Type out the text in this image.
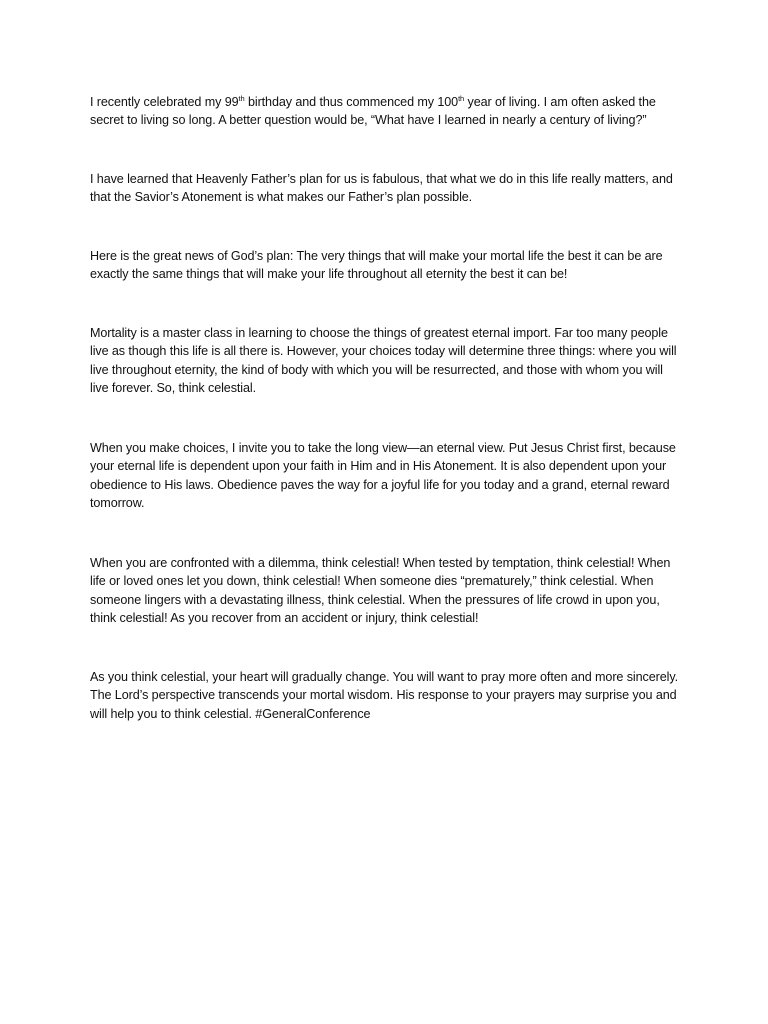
I recently celebrated my 99th birthday and thus commenced my 100th year of living. I am often asked the secret to living so long. A better question would be, “What have I learned in nearly a century of living?”

I have learned that Heavenly Father’s plan for us is fabulous, that what we do in this life really matters, and that the Savior’s Atonement is what makes our Father’s plan possible.

Here is the great news of God’s plan: The very things that will make your mortal life the best it can be are exactly the same things that will make your life throughout all eternity the best it can be!

Mortality is a master class in learning to choose the things of greatest eternal import. Far too many people live as though this life is all there is. However, your choices today will determine three things: where you will live throughout eternity, the kind of body with which you will be resurrected, and those with whom you will live forever. So, think celestial.

When you make choices, I invite you to take the long view—an eternal view. Put Jesus Christ first, because your eternal life is dependent upon your faith in Him and in His Atonement. It is also dependent upon your obedience to His laws. Obedience paves the way for a joyful life for you today and a grand, eternal reward tomorrow.

When you are confronted with a dilemma, think celestial! When tested by temptation, think celestial! When life or loved ones let you down, think celestial! When someone dies “prematurely,” think celestial. When someone lingers with a devastating illness, think celestial. When the pressures of life crowd in upon you, think celestial! As you recover from an accident or injury, think celestial!

As you think celestial, your heart will gradually change. You will want to pray more often and more sincerely. The Lord’s perspective transcends your mortal wisdom. His response to your prayers may surprise you and will help you to think celestial. #GeneralConference
